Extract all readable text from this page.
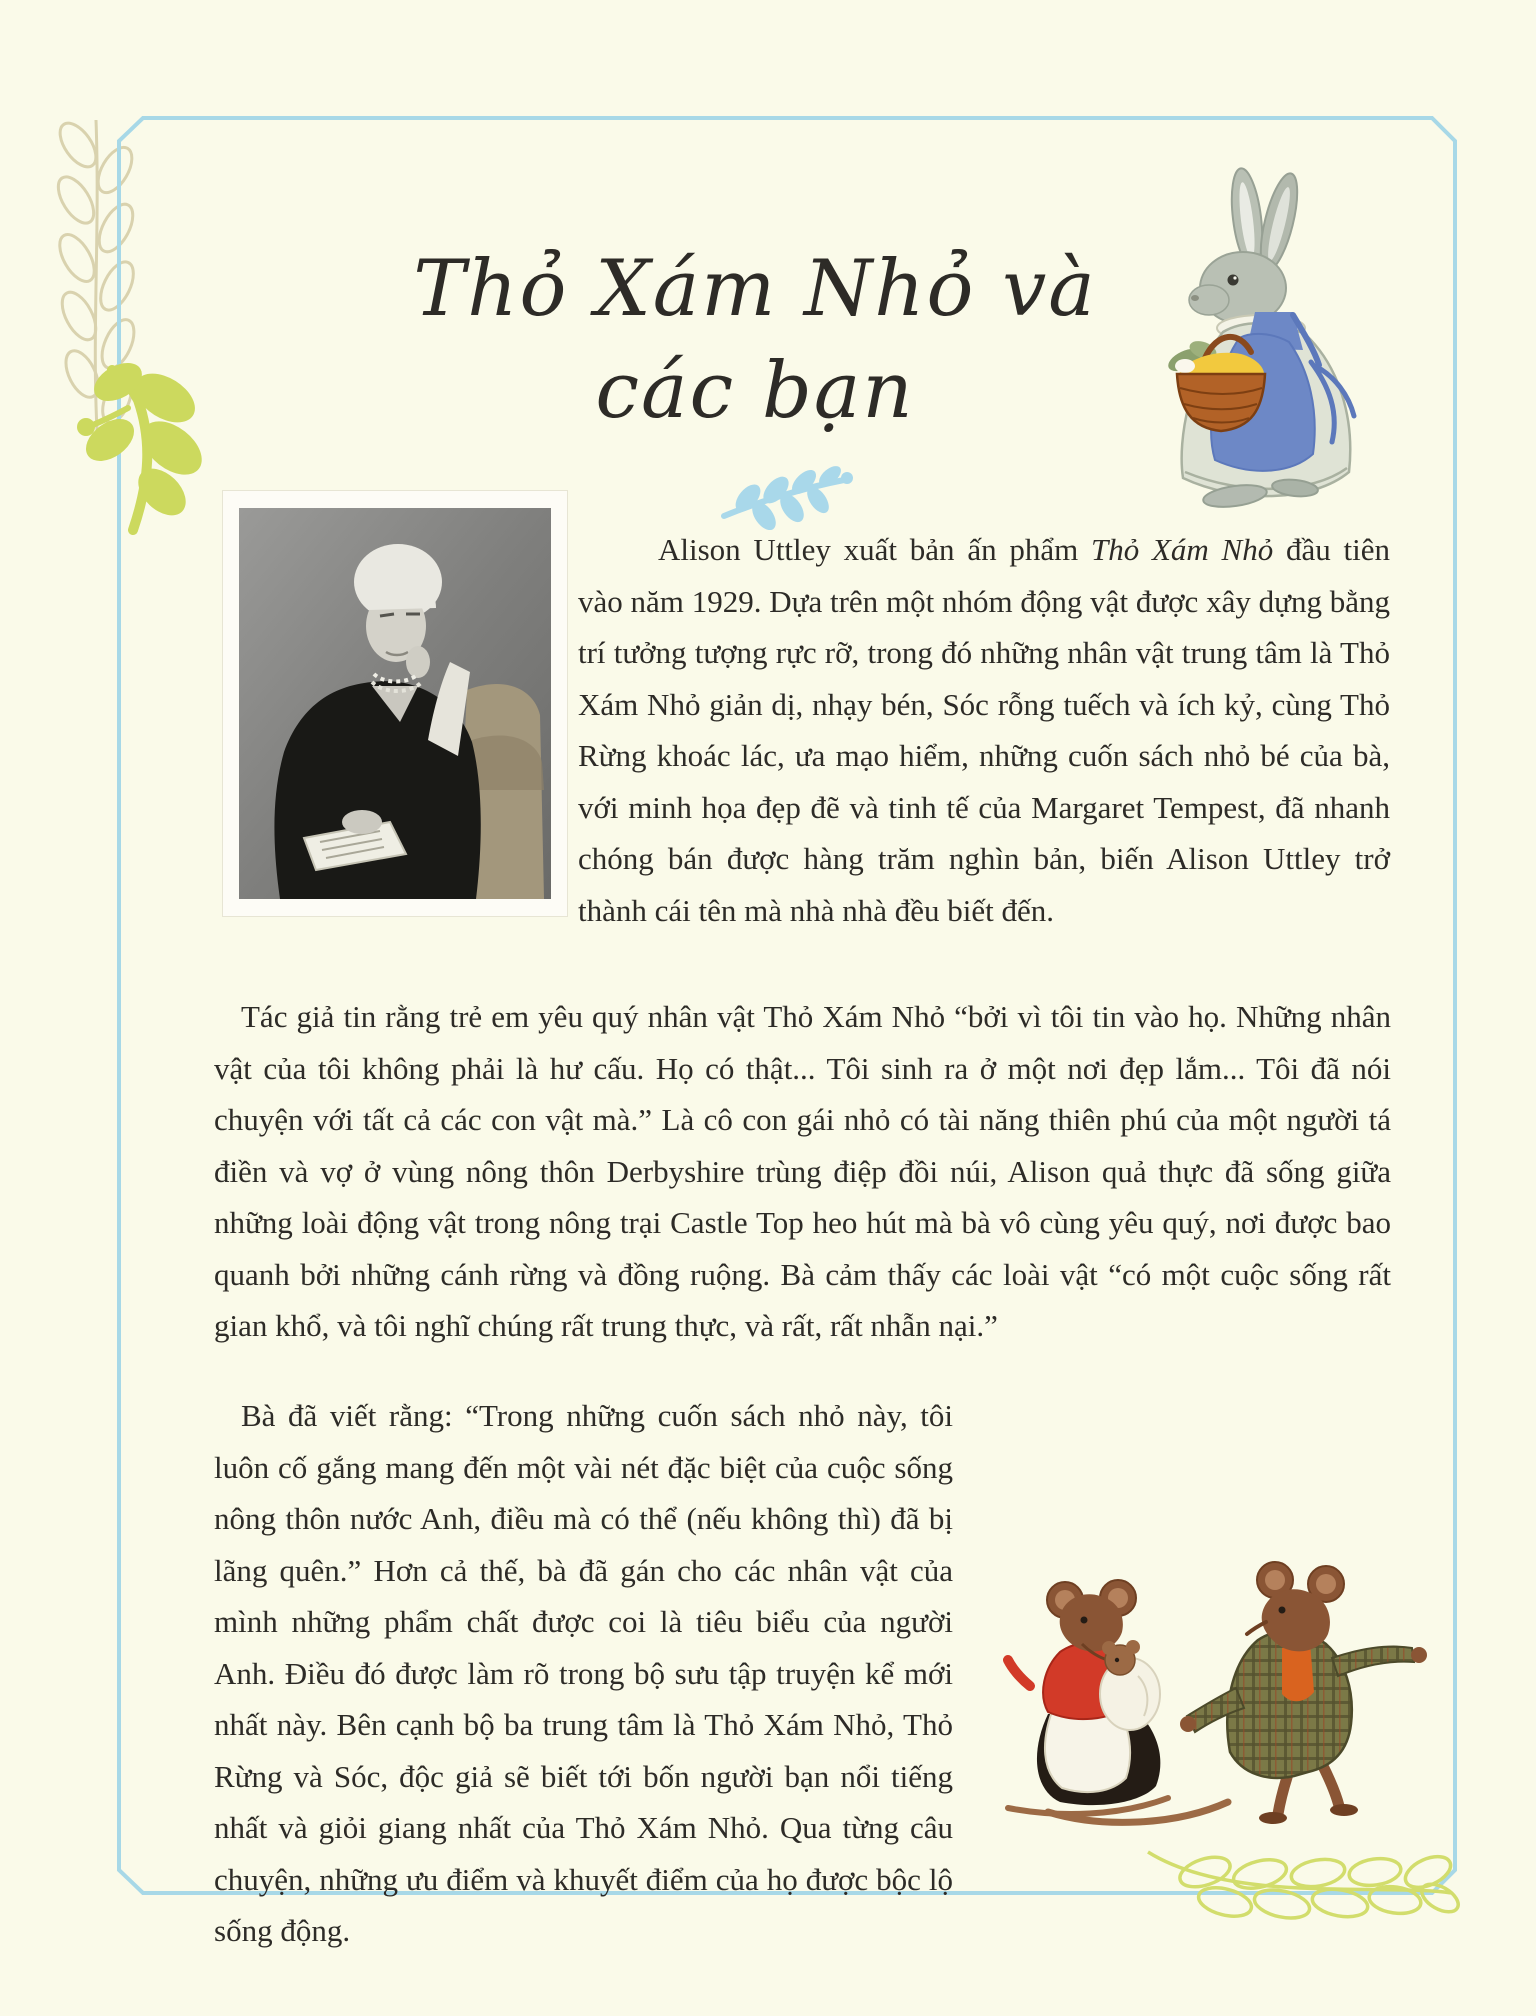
Thỏ Xám Nhỏ và
các bạn

Alison Uttley xuất bản ấn phẩm Thỏ Xám Nhỏ đầu tiên vào năm 1929. Dựa trên một nhóm động vật được xây dựng bằng trí tưởng tượng rực rỡ, trong đó những nhân vật trung tâm là Thỏ Xám Nhỏ giản dị, nhạy bén, Sóc rỗng tuếch và ích kỷ, cùng Thỏ Rừng khoác lác, ưa mạo hiểm, những cuốn sách nhỏ bé của bà, với minh họa đẹp đẽ và tinh tế của Margaret Tempest, đã nhanh chóng bán được hàng trăm nghìn bản, biến Alison Uttley trở thành cái tên mà nhà nhà đều biết đến.

Tác giả tin rằng trẻ em yêu quý nhân vật Thỏ Xám Nhỏ “bởi vì tôi tin vào họ. Những nhân vật của tôi không phải là hư cấu. Họ có thật... Tôi sinh ra ở một nơi đẹp lắm... Tôi đã nói chuyện với tất cả các con vật mà.” Là cô con gái nhỏ có tài năng thiên phú của một người tá điền và vợ ở vùng nông thôn Derbyshire trùng điệp đồi núi, Alison quả thực đã sống giữa những loài động vật trong nông trại Castle Top heo hút mà bà vô cùng yêu quý, nơi được bao quanh bởi những cánh rừng và đồng ruộng. Bà cảm thấy các loài vật “có một cuộc sống rất gian khổ, và tôi nghĩ chúng rất trung thực, và rất, rất nhẫn nại.”

Bà đã viết rằng: “Trong những cuốn sách nhỏ này, tôi luôn cố gắng mang đến một vài nét đặc biệt của cuộc sống nông thôn nước Anh, điều mà có thể (nếu không thì) đã bị lãng quên.” Hơn cả thế, bà đã gán cho các nhân vật của mình những phẩm chất được coi là tiêu biểu của người Anh. Điều đó được làm rõ trong bộ sưu tập truyện kể mới nhất này. Bên cạnh bộ ba trung tâm là Thỏ Xám Nhỏ, Thỏ Rừng và Sóc, độc giả sẽ biết tới bốn người bạn nổi tiếng nhất và giỏi giang nhất của Thỏ Xám Nhỏ. Qua từng câu chuyện, những ưu điểm và khuyết điểm của họ được bộc lộ sống động.
